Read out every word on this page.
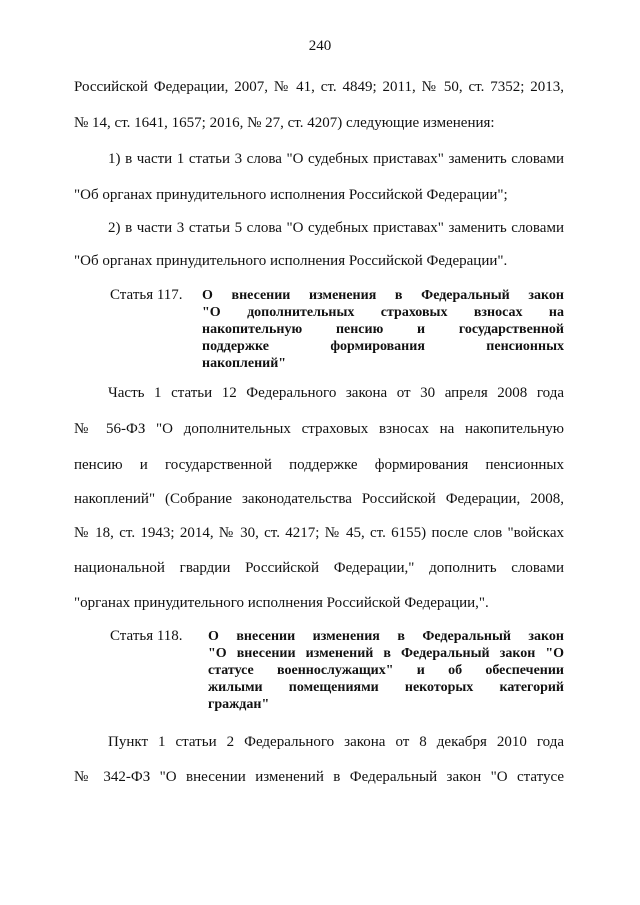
240
Российской Федерации, 2007, № 41, ст. 4849; 2011, № 50, ст. 7352; 2013,
№ 14, ст. 1641, 1657; 2016, № 27, ст. 4207) следующие изменения:
1) в части 1 статьи 3 слова "О судебных приставах" заменить словами
"Об органах принудительного исполнения Российской Федерации";
2) в части 3 статьи 5 слова "О судебных приставах" заменить словами
"Об органах принудительного исполнения Российской Федерации".
Статья 117.	О внесении изменения в Федеральный закон
"О дополнительных страховых взносах на
накопительную пенсию и государственной
поддержке формирования пенсионных
накоплений"
Часть 1 статьи 12 Федерального закона от 30 апреля 2008 года
№ 56-ФЗ "О дополнительных страховых взносах на накопительную
пенсию и государственной поддержке формирования пенсионных
накоплений" (Собрание законодательства Российской Федерации, 2008,
№ 18, ст. 1943; 2014, № 30, ст. 4217; № 45, ст. 6155) после слов "войсках
национальной гвардии Российской Федерации," дополнить словами
"органах принудительного исполнения Российской Федерации,".
Статья 118.	О внесении изменения в Федеральный закон
"О внесении изменений в Федеральный закон "О
статусе военнослужащих" и об обеспечении
жилыми помещениями некоторых категорий
граждан"
Пункт 1 статьи 2 Федерального закона от 8 декабря 2010 года
№ 342-ФЗ "О внесении изменений в Федеральный закон "О статусе
